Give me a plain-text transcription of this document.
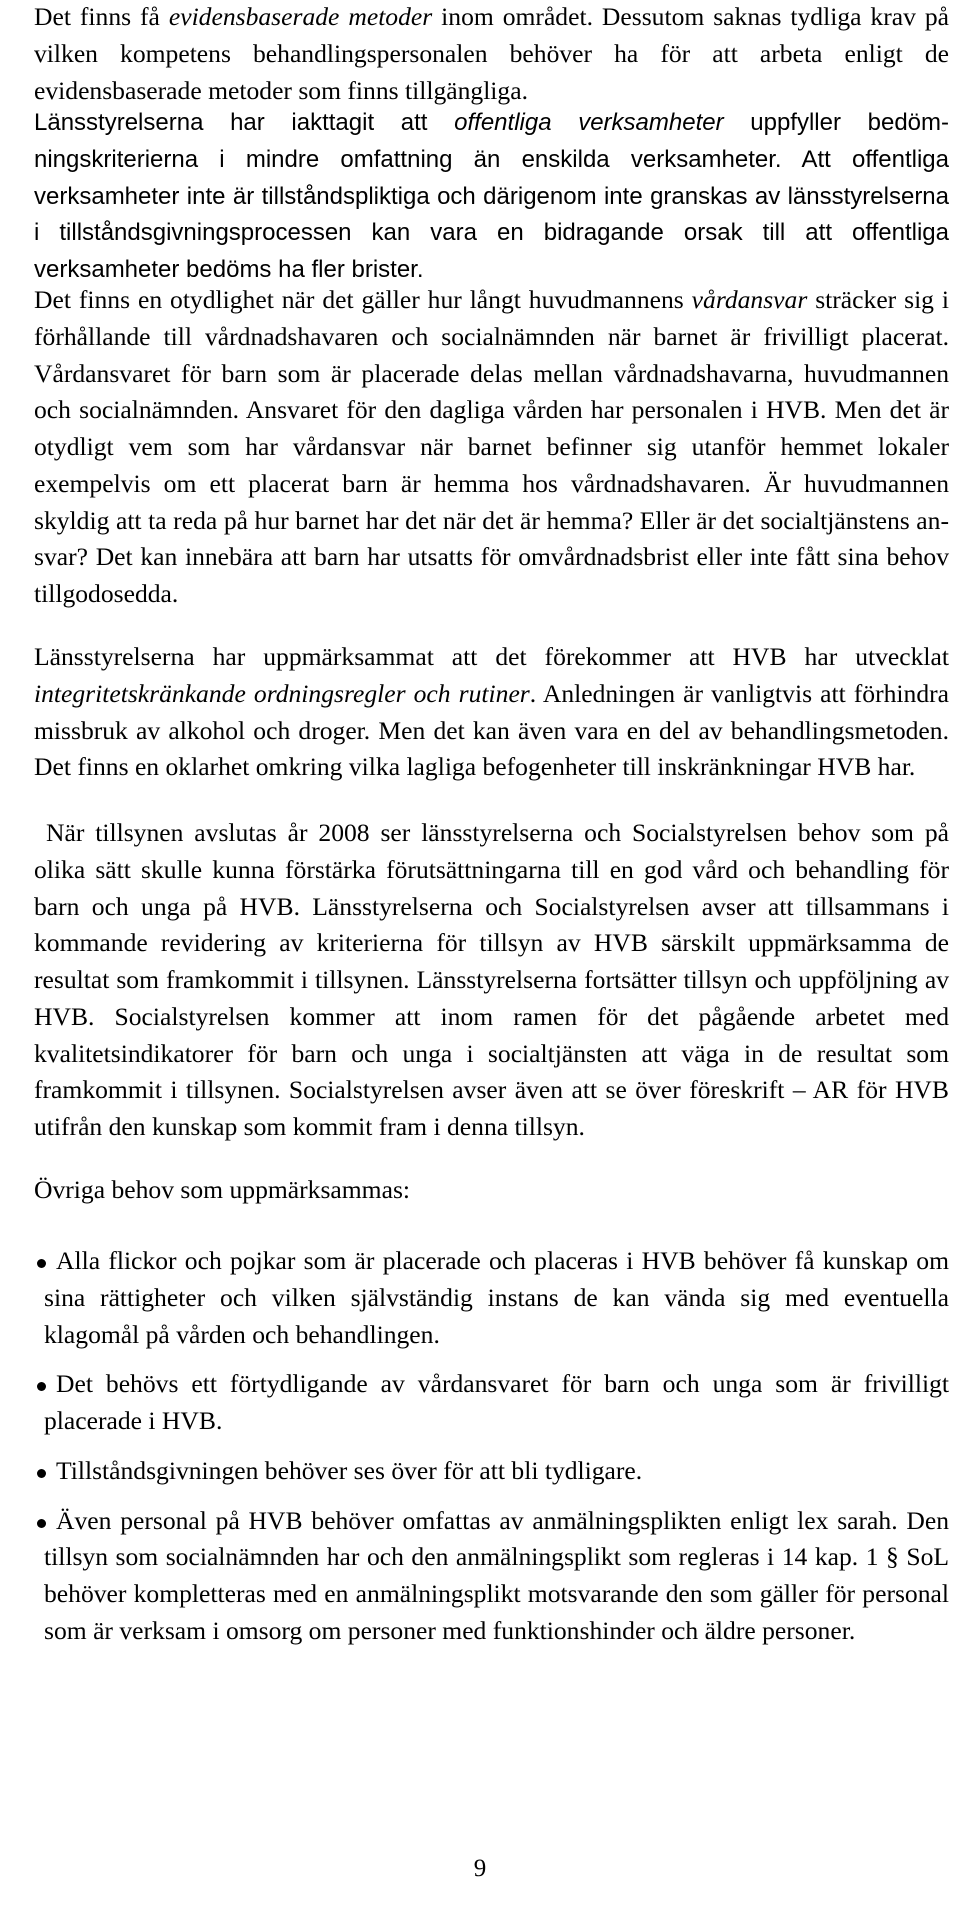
Det finns få evidensbaserade metoder inom området. Dessutom saknas tydliga krav på vilken kompetens behandlingspersonalen behöver ha för att arbeta enligt de evidensbaserade metoder som finns tillgängliga.

Länsstyrelserna har iakttagit att offentliga verksamheter uppfyller bedömningskriterierna i mindre omfattning än enskilda verksamheter. Att offentliga verksamheter inte är tillståndspliktiga och därigenom inte granskas av länsstyrelserna i tillståndsgivningsprocessen kan vara en bidragande orsak till att offentliga verksamheter bedöms ha fler brister.

Det finns en otydlighet när det gäller hur långt huvudmannens vårdansvar sträcker sig i förhållande till vårdnadshavaren och socialnämnden när barnet är frivilligt placerat. Vårdansvaret för barn som är placerade delas mellan vårdnadshavarna, huvudmannen och socialnämnden. Ansvaret för den dagliga vården har personalen i HVB. Men det är otydligt vem som har vårdansvar när barnet befinner sig utanför hemmet lokaler exempelvis om ett placerat barn är hemma hos vårdnadshavaren. Är huvudmannen skyldig att ta reda på hur barnet har det när det är hemma? Eller är det socialtjänstens ansvar? Det kan innebära att barn har utsatts för omvårdnadsbrist eller inte fått sina behov tillgodosedda.

Länsstyrelserna har uppmärksammat att det förekommer att HVB har utvecklat integritetskränkande ordningsregler och rutiner. Anledningen är vanligtvis att förhindra missbruk av alkohol och droger. Men det kan även vara en del av behandlingsmetoden. Det finns en oklarhet omkring vilka lagliga befogenheter till inskränkningar HVB har.

När tillsynen avslutas år 2008 ser länsstyrelserna och Socialstyrelsen behov som på olika sätt skulle kunna förstärka förutsättningarna till en god vård och behandling för barn och unga på HVB. Länsstyrelserna och Socialstyrelsen avser att tillsammans i kommande revidering av kriterierna för tillsyn av HVB särskilt uppmärksamma de resultat som framkommit i tillsynen. Länsstyrelserna fortsätter tillsyn och uppföljning av HVB. Socialstyrelsen kommer att inom ramen för det pågående arbetet med kvalitetsindikatorer för barn och unga i socialtjänsten att väga in de resultat som framkommit i tillsynen. Socialstyrelsen avser även att se över föreskrift – AR för HVB utifrån den kunskap som kommit fram i denna tillsyn.

Övriga behov som uppmärksammas:

Alla flickor och pojkar som är placerade och placeras i HVB behöver få kunskap om sina rättigheter och vilken självständig instans de kan vända sig med eventuella klagomål på vården och behandlingen.
Det behövs ett förtydligande av vårdansvaret för barn och unga som är frivilligt placerade i HVB.
Tillståndsgivningen behöver ses över för att bli tydligare.
Även personal på HVB behöver omfattas av anmälningsplikten enligt lex sarah. Den tillsyn som socialnämnden har och den anmälningsplikt som regleras i 14 kap. 1 § SoL behöver kompletteras med en anmälningsplikt motsvarande den som gäller för personal som är verksam i omsorg om personer med funktionshinder och äldre personer.
9
